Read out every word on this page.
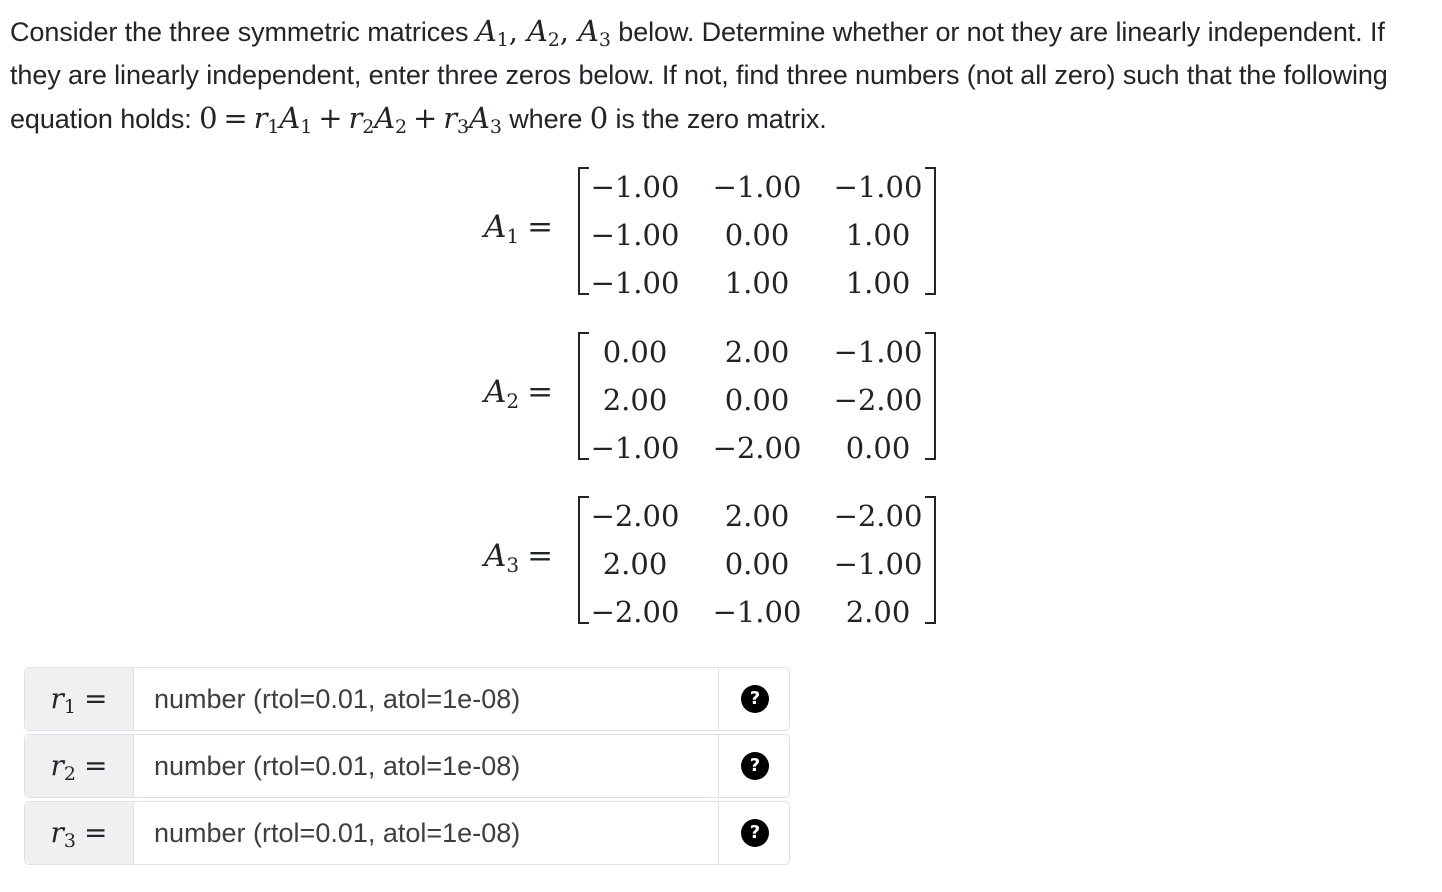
Consider the three symmetric matrices $A_1$, $A_2$, $A_3$ below. Determine whether or not they are linearly independent. If they are linearly independent, enter three zeros below. If not, find three numbers (not all zero) such that the following equation holds: $0 = r_1A_1 + r_2A_2 + r_3A_3$ where 0 is the zero matrix.
$A_1$ =
−1.00	−1.00	−1.00
−1.00	0.00	1.00
−1.00	1.00	1.00
$A_2$ =
0.00	2.00	−1.00
2.00	0.00	−2.00
−1.00	−2.00	0.00
$A_3$ =
−2.00	2.00	−2.00
2.00	0.00	−1.00
−2.00	−1.00	2.00
$r_1$ =
number (rtol=0.01, atol=1e-08)	?
$r_2$ =
number (rtol=0.01, atol=1e-08)	?
$r_3$ =
number (rtol=0.01, atol=1e-08)	?
